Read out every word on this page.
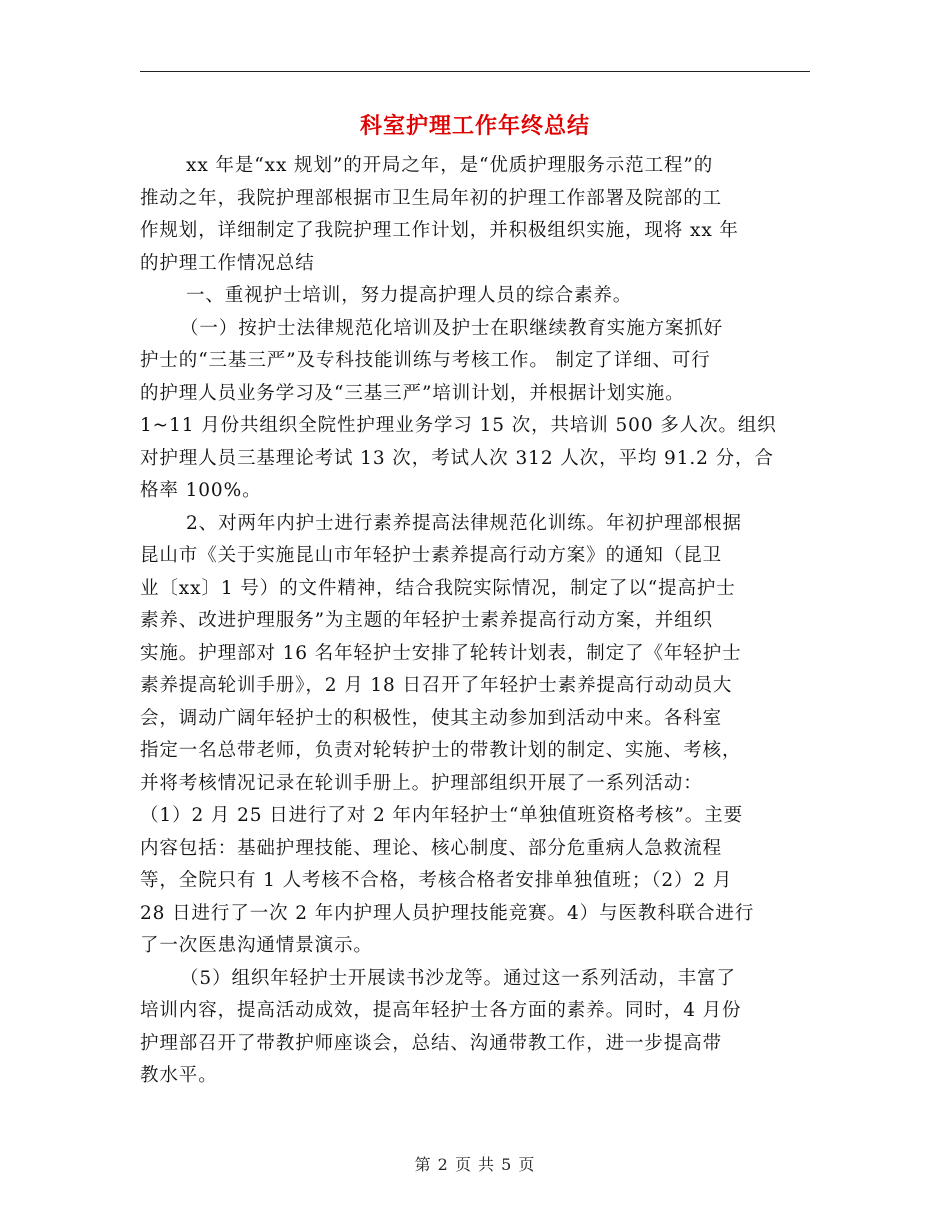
科室护理工作年终总结
xx 年是“xx 规划”的开局之年，是“优质护理服务示范工程”的
推动之年，我院护理部根据市卫生局年初的护理工作部署及院部的工
作规划，详细制定了我院护理工作计划，并积极组织实施，现将 xx 年
的护理工作情况总结
一、重视护士培训，努力提高护理人员的综合素养。
（一）按护士法律规范化培训及护士在职继续教育实施方案抓好
护士的“三基三严”及专科技能训练与考核工作。 制定了详细、可行
的护理人员业务学习及“三基三严”培训计划，并根据计划实施。
1~11 月份共组织全院性护理业务学习 15 次，共培训 500 多人次。组织
对护理人员三基理论考试 13 次，考试人次 312 人次，平均 91.2 分，合
格率 100%。
2、对两年内护士进行素养提高法律规范化训练。年初护理部根据
昆山市《关于实施昆山市年轻护士素养提高行动方案》的通知（昆卫
业〔xx〕1 号）的文件精神，结合我院实际情况，制定了以“提高护士
素养、改进护理服务”为主题的年轻护士素养提高行动方案，并组织
实施。护理部对 16 名年轻护士安排了轮转计划表，制定了《年轻护士
素养提高轮训手册》，2 月 18 日召开了年轻护士素养提高行动动员大
会，调动广阔年轻护士的积极性，使其主动参加到活动中来。各科室
指定一名总带老师，负责对轮转护士的带教计划的制定、实施、考核，
并将考核情况记录在轮训手册上。护理部组织开展了一系列活动：
（1）2 月 25 日进行了对 2 年内年轻护士“单独值班资格考核”。主要
内容包括：基础护理技能、理论、核心制度、部分危重病人急救流程
等，全院只有 1 人考核不合格，考核合格者安排单独值班；（2）2 月
28 日进行了一次 2 年内护理人员护理技能竞赛。4）与医教科联合进行
了一次医患沟通情景演示。
（5）组织年轻护士开展读书沙龙等。通过这一系列活动，丰富了
培训内容，提高活动成效，提高年轻护士各方面的素养。同时，4 月份
护理部召开了带教护师座谈会，总结、沟通带教工作，进一步提高带
教水平。
第 2 页 共 5 页
